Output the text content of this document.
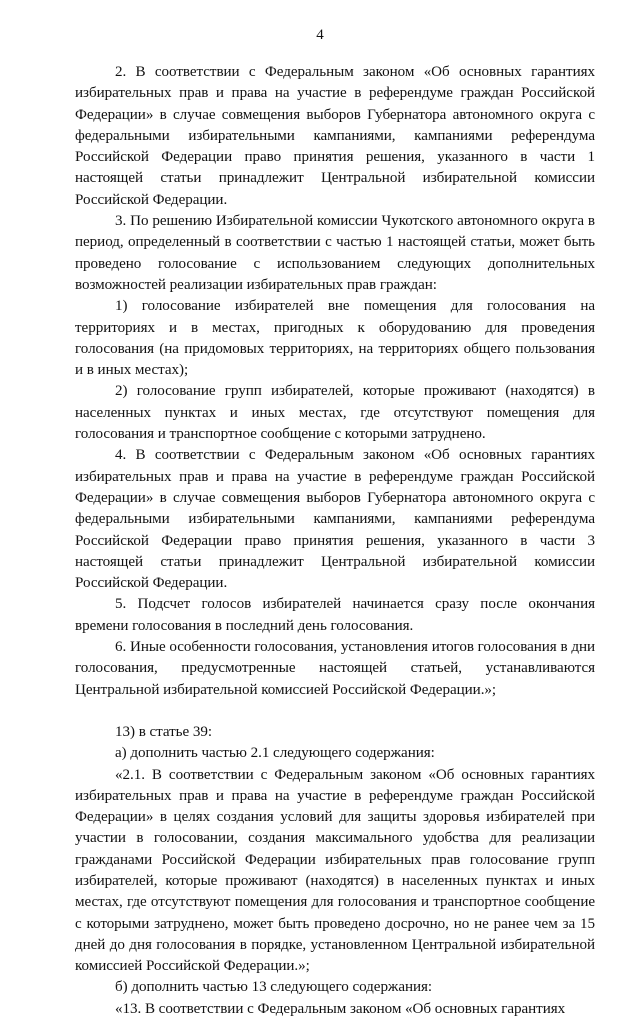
4

2. В соответствии с Федеральным законом «Об основных гарантиях избирательных прав и права на участие в референдуме граждан Российской Федерации» в случае совмещения выборов Губернатора автономного округа с федеральными избирательными кампаниями, кампаниями референдума Российской Федерации право принятия решения, указанного в части 1 настоящей статьи принадлежит Центральной избирательной комиссии Российской Федерации.

3. По решению Избирательной комиссии Чукотского автономного округа в период, определенный в соответствии с частью 1 настоящей статьи, может быть проведено голосование с использованием следующих дополнительных возможностей реализации избирательных прав граждан:

1) голосование избирателей вне помещения для голосования на территориях и в местах, пригодных к оборудованию для проведения голосования (на придомовых территориях, на территориях общего пользования и в иных местах);

2) голосование групп избирателей, которые проживают (находятся) в населенных пунктах и иных местах, где отсутствуют помещения для голосования и транспортное сообщение с которыми затруднено.

4. В соответствии с Федеральным законом «Об основных гарантиях избирательных прав и права на участие в референдуме граждан Российской Федерации» в случае совмещения выборов Губернатора автономного округа с федеральными избирательными кампаниями, кампаниями референдума Российской Федерации право принятия решения, указанного в части 3 настоящей статьи принадлежит Центральной избирательной комиссии Российской Федерации.

5. Подсчет голосов избирателей начинается сразу после окончания времени голосования в последний день голосования.

6. Иные особенности голосования, установления итогов голосования в дни голосования, предусмотренные настоящей статьей, устанавливаются Центральной избирательной комиссией Российской Федерации.»;

13) в статье 39:

а) дополнить частью 2.1 следующего содержания:

«2.1. В соответствии с Федеральным законом «Об основных гарантиях избирательных прав и права на участие в референдуме граждан Российской Федерации» в целях создания условий для защиты здоровья избирателей при участии в голосовании, создания максимального удобства для реализации гражданами Российской Федерации избирательных прав голосование групп избирателей, которые проживают (находятся) в населенных пунктах и иных местах, где отсутствуют помещения для голосования и транспортное сообщение с которыми затруднено, может быть проведено досрочно, но не ранее чем за 15 дней до дня голосования в порядке, установленном Центральной избирательной комиссией Российской Федерации.»;

б) дополнить частью 13 следующего содержания:

«13. В соответствии с Федеральным законом «Об основных гарантиях
